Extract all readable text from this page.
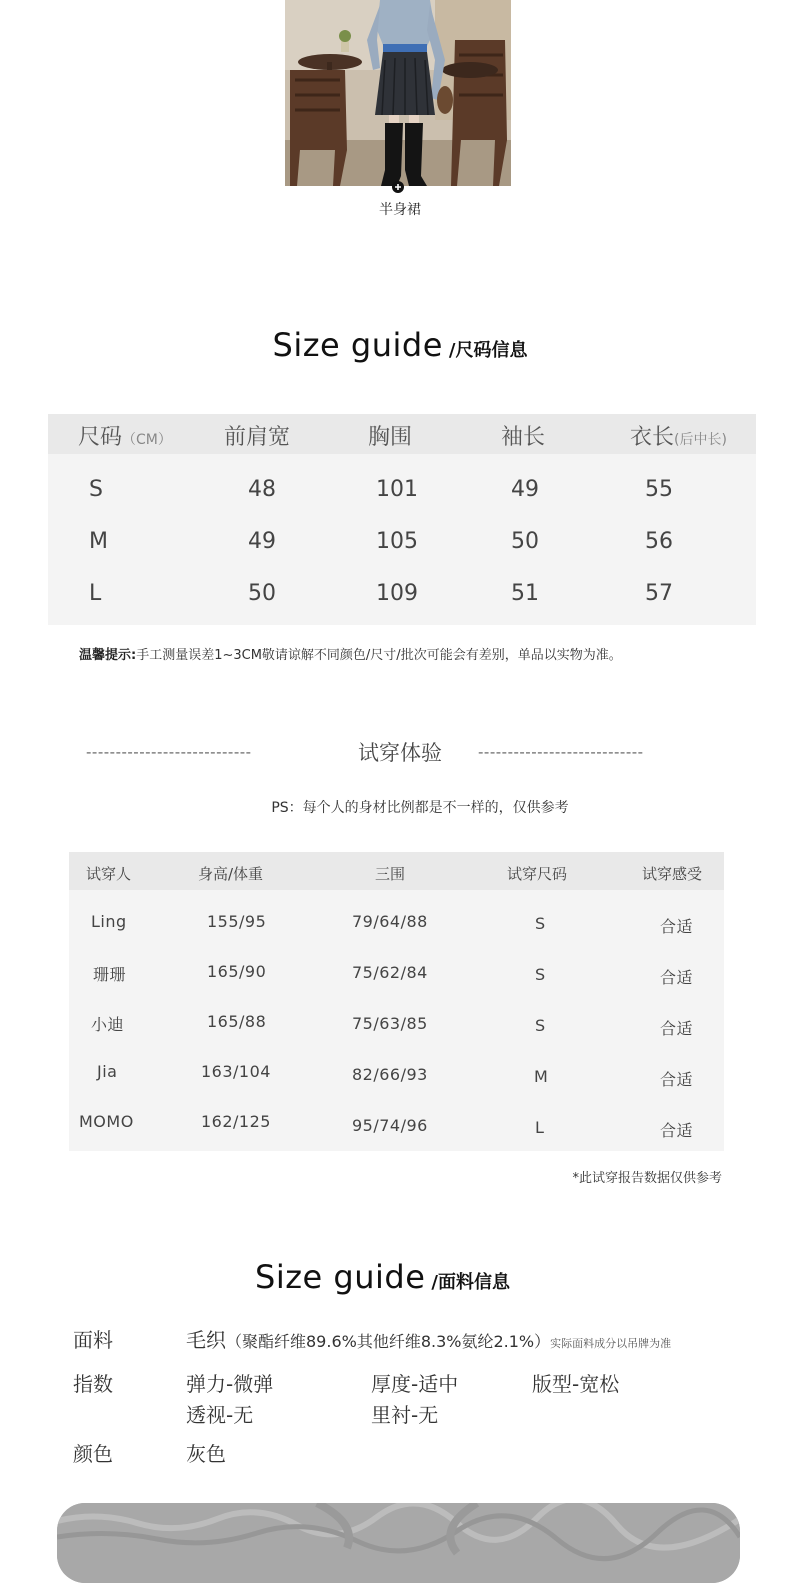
半身裙
Size guide /尺码信息
尺码（CM） 前肩宽	胸围	袖长	衣长(后中长)
S	48	101	49	55
M	49	105	50	56
L	50	109	51	57
温馨提示:手工测量误差1~3CM敬请谅解不同颜色/尺寸/批次可能会有差别，单品以实物为准。
----------------------------	试穿体验	----------------------------
PS：每个人的身材比例都是不一样的，仅供参考
试穿人	身高/体重	三围	试穿尺码	试穿感受
Ling	155/95	79/64/88	S	合适
珊珊	165/90	75/62/84	S	合适
小迪	165/88	75/63/85	S	合适
Jia	163/104	82/66/93	M	合适
MOMO	162/125	95/74/96	L	合适
*此试穿报告数据仅供参考
Size guide /面料信息
面料	毛织（聚酯纤维89.6%其他纤维8.3%氨纶2.1%）实际面料成分以吊牌为准
指数	弹力-微弹	厚度-适中	版型-宽松
透视-无	里衬-无
颜色	灰色
